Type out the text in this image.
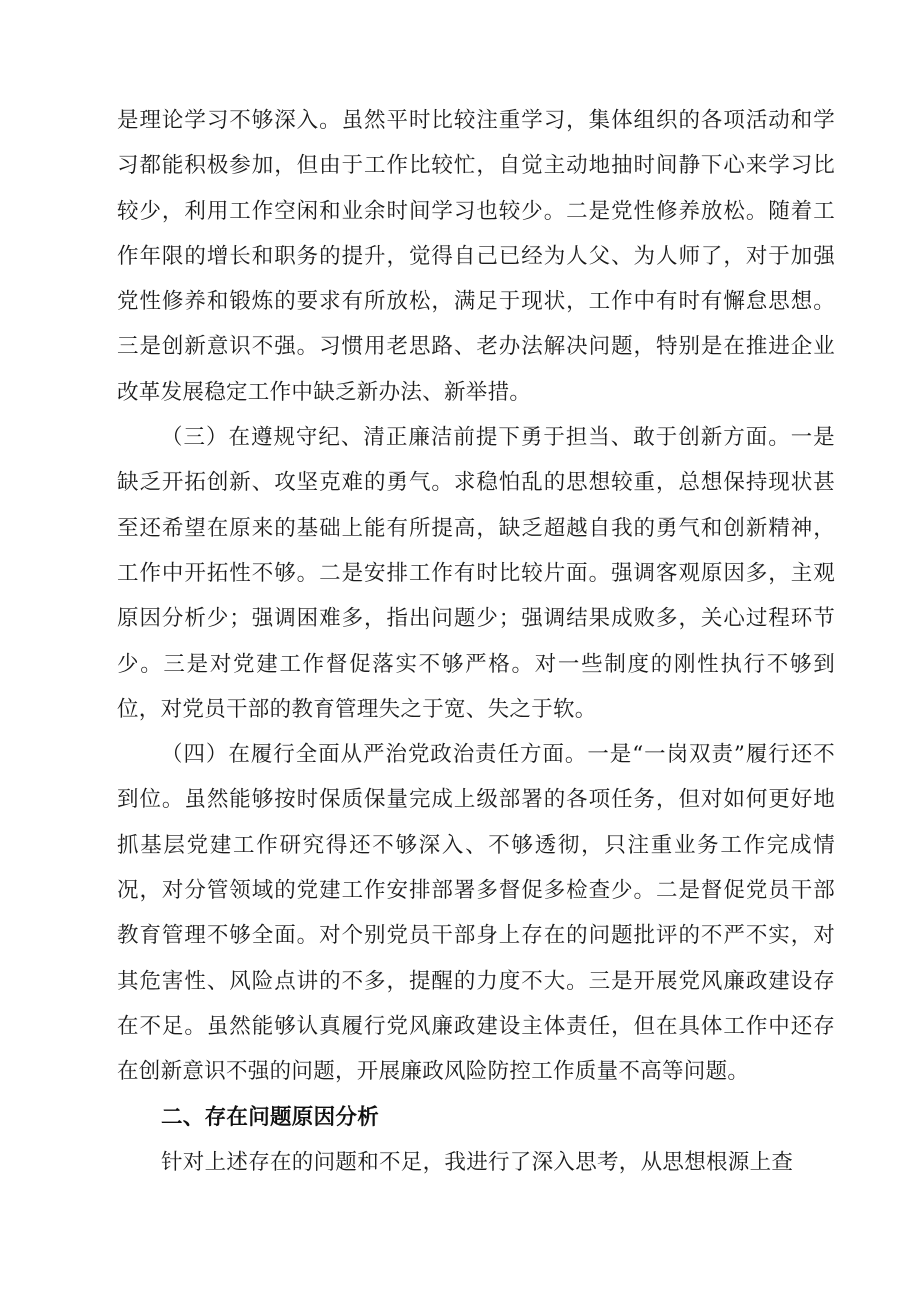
是理论学习不够深入。虽然平时比较注重学习，集体组织的各项活动和学习都能积极参加，但由于工作比较忙，自觉主动地抽时间静下心来学习比较少，利用工作空闲和业余时间学习也较少。二是党性修养放松。随着工作年限的增长和职务的提升，觉得自己已经为人父、为人师了，对于加强党性修养和锻炼的要求有所放松，满足于现状，工作中有时有懈怠思想。三是创新意识不强。习惯用老思路、老办法解决问题，特别是在推进企业改革发展稳定工作中缺乏新办法、新举措。

（三）在遵规守纪、清正廉洁前提下勇于担当、敢于创新方面。一是缺乏开拓创新、攻坚克难的勇气。求稳怕乱的思想较重，总想保持现状甚至还希望在原来的基础上能有所提高，缺乏超越自我的勇气和创新精神，工作中开拓性不够。二是安排工作有时比较片面。强调客观原因多，主观原因分析少；强调困难多，指出问题少；强调结果成败多，关心过程环节少。三是对党建工作督促落实不够严格。对一些制度的刚性执行不够到位，对党员干部的教育管理失之于宽、失之于软。

（四）在履行全面从严治党政治责任方面。一是“一岗双责”履行还不到位。虽然能够按时保质保量完成上级部署的各项任务，但对如何更好地抓基层党建工作研究得还不够深入、不够透彻，只注重业务工作完成情况，对分管领域的党建工作安排部署多督促多检查少。二是督促党员干部教育管理不够全面。对个别党员干部身上存在的问题批评的不严不实，对其危害性、风险点讲的不多，提醒的力度不大。三是开展党风廉政建设存在不足。虽然能够认真履行党风廉政建设主体责任，但在具体工作中还存在创新意识不强的问题，开展廉政风险防控工作质量不高等问题。

二、存在问题原因分析

针对上述存在的问题和不足，我进行了深入思考，从思想根源上查
